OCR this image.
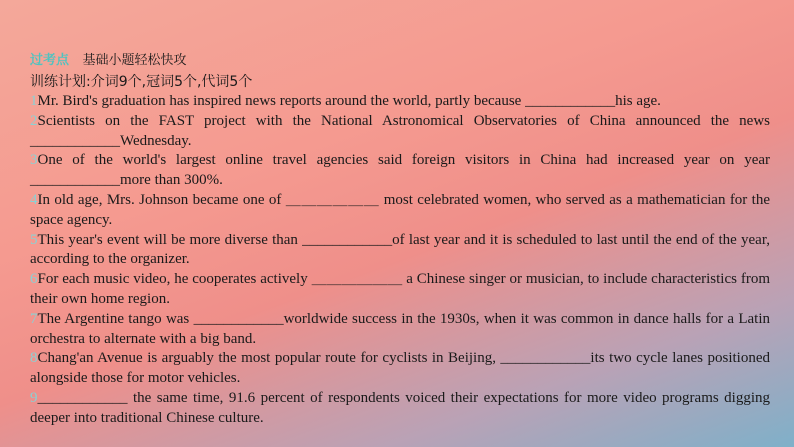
过考点 基础小题轻松快攻
训练计划:介词9个,冠词5个,代词5个

1Mr. Bird's graduation has inspired news reports around the world, partly because ____________his age.

2Scientists on the FAST project with the National Astronomical Observatories of China announced the news ____________Wednesday.

3One of the world's largest online travel agencies said foreign visitors in China had increased year on year ____________more than 300%.

4In old age, Mrs. Johnson became one of ＿＿＿＿＿＿ most celebrated women, who served as a mathematician for the space agency.

5This year's event will be more diverse than ____________of last year and it is scheduled to last until the end of the year, according to the organizer.

6For each music video, he cooperates actively ＿＿＿＿＿＿ a Chinese singer or musician, to include characteristics from their own home region.

7The Argentine tango was ____________worldwide success in the 1930s, when it was common in dance halls for a Latin orchestra to alternate with a big band.

8Chang'an Avenue is arguably the most popular route for cyclists in Beijing, ____________its two cycle lanes positioned alongside those for motor vehicles.

9____________ the same time, 91.6 percent of respondents voiced their expectations for more video programs digging deeper into traditional Chinese culture.
